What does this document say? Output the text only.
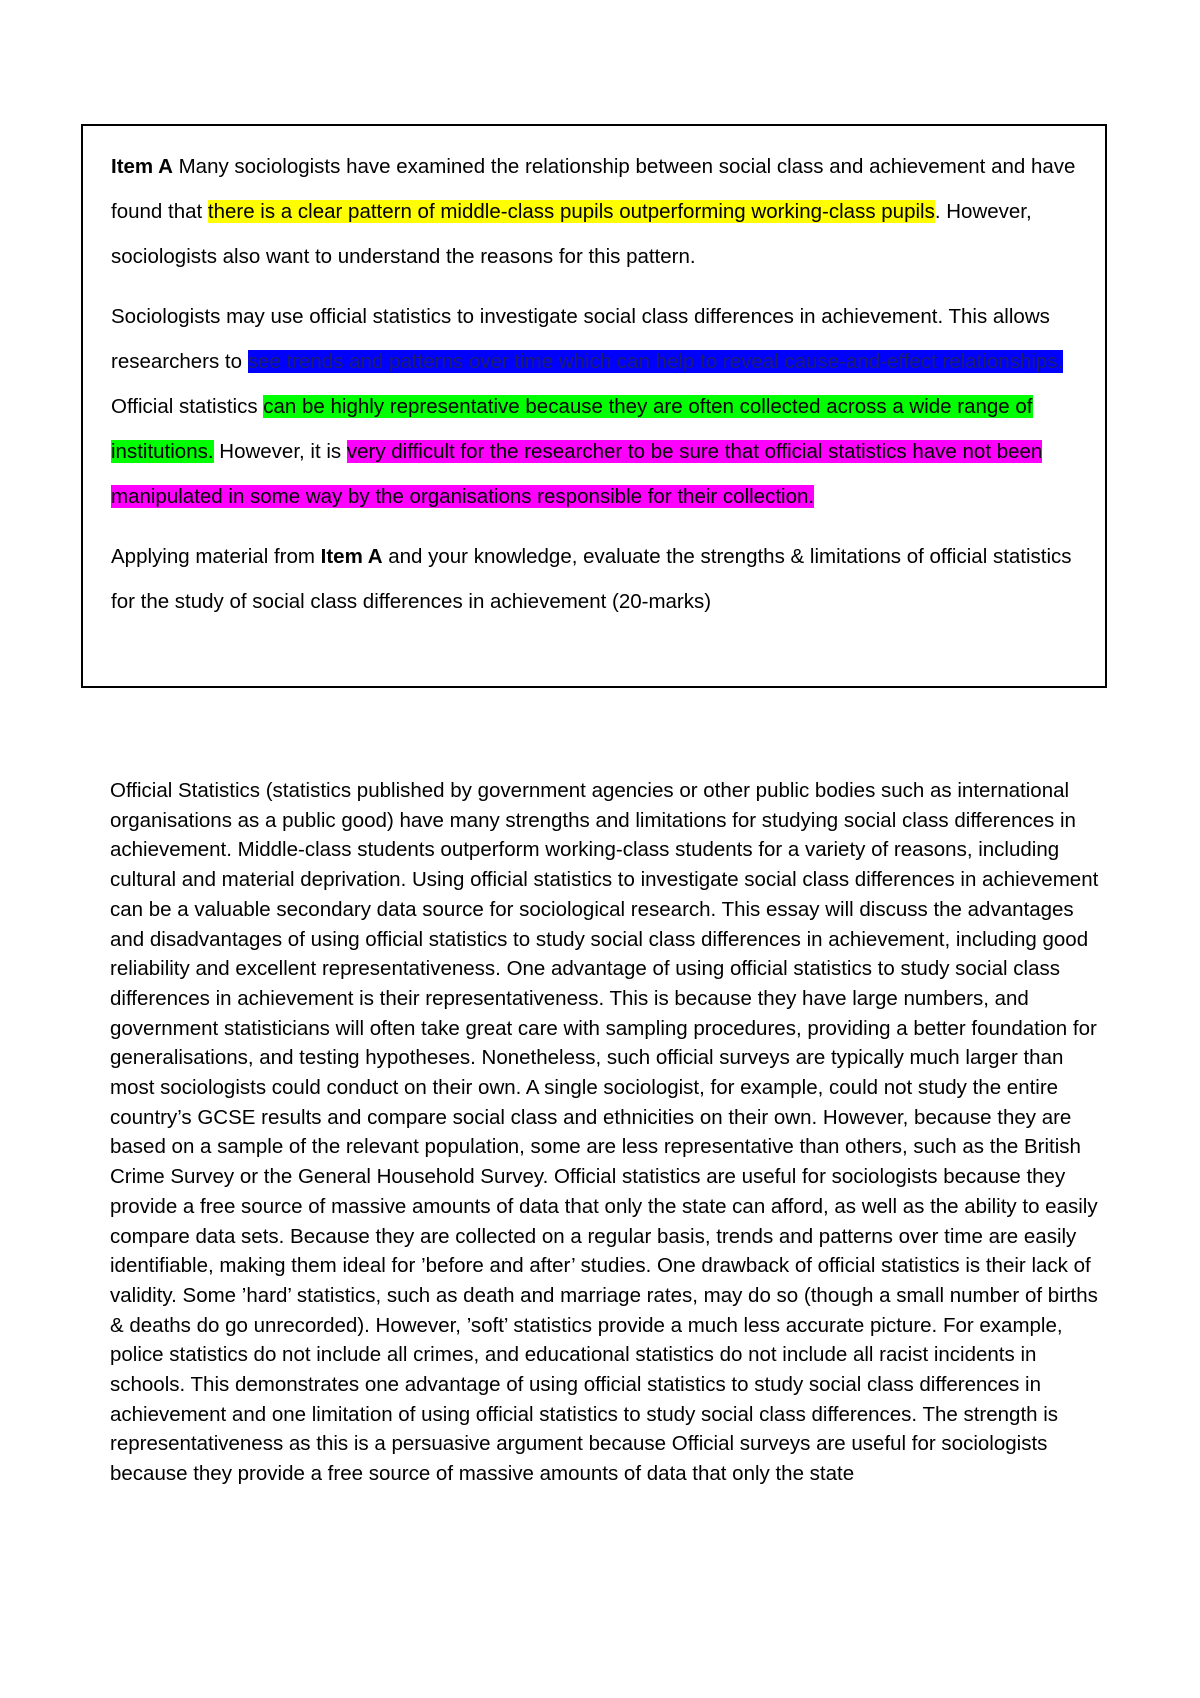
Item A Many sociologists have examined the relationship between social class and achievement and have found that there is a clear pattern of middle-class pupils outperforming working-class pupils. However, sociologists also want to understand the reasons for this pattern.

Sociologists may use official statistics to investigate social class differences in achievement. This allows researchers to see trends and patterns over time which can help to reveal cause-and-effect relationships. Official statistics can be highly representative because they are often collected across a wide range of institutions. However, it is very difficult for the researcher to be sure that official statistics have not been manipulated in some way by the organisations responsible for their collection.

Applying material from Item A and your knowledge, evaluate the strengths & limitations of official statistics for the study of social class differences in achievement (20-marks)

Official Statistics (statistics published by government agencies or other public bodies such as international organisations as a public good) have many strengths and limitations for studying social class differences in achievement. Middle-class students outperform working-class students for a variety of reasons, including cultural and material deprivation. Using official statistics to investigate social class differences in achievement can be a valuable secondary data source for sociological research. This essay will discuss the advantages and disadvantages of using official statistics to study social class differences in achievement, including good reliability and excellent representativeness. One advantage of using official statistics to study social class differences in achievement is their representativeness. This is because they have large numbers, and government statisticians will often take great care with sampling procedures, providing a better foundation for generalisations, and testing hypotheses. Nonetheless, such official surveys are typically much larger than most sociologists could conduct on their own. A single sociologist, for example, could not study the entire country’s GCSE results and compare social class and ethnicities on their own. However, because they are based on a sample of the relevant population, some are less representative than others, such as the British Crime Survey or the General Household Survey. Official statistics are useful for sociologists because they provide a free source of massive amounts of data that only the state can afford, as well as the ability to easily compare data sets. Because they are collected on a regular basis, trends and patterns over time are easily identifiable, making them ideal for ’before and after’ studies. One drawback of official statistics is their lack of validity. Some ’hard’ statistics, such as death and marriage rates, may do so (though a small number of births & deaths do go unrecorded). However, ’soft’ statistics provide a much less accurate picture. For example, police statistics do not include all crimes, and educational statistics do not include all racist incidents in schools. This demonstrates one advantage of using official statistics to study social class differences in achievement and one limitation of using official statistics to study social class differences. The strength is representativeness as this is a persuasive argument because Official surveys are useful for sociologists because they provide a free source of massive amounts of data that only the state
